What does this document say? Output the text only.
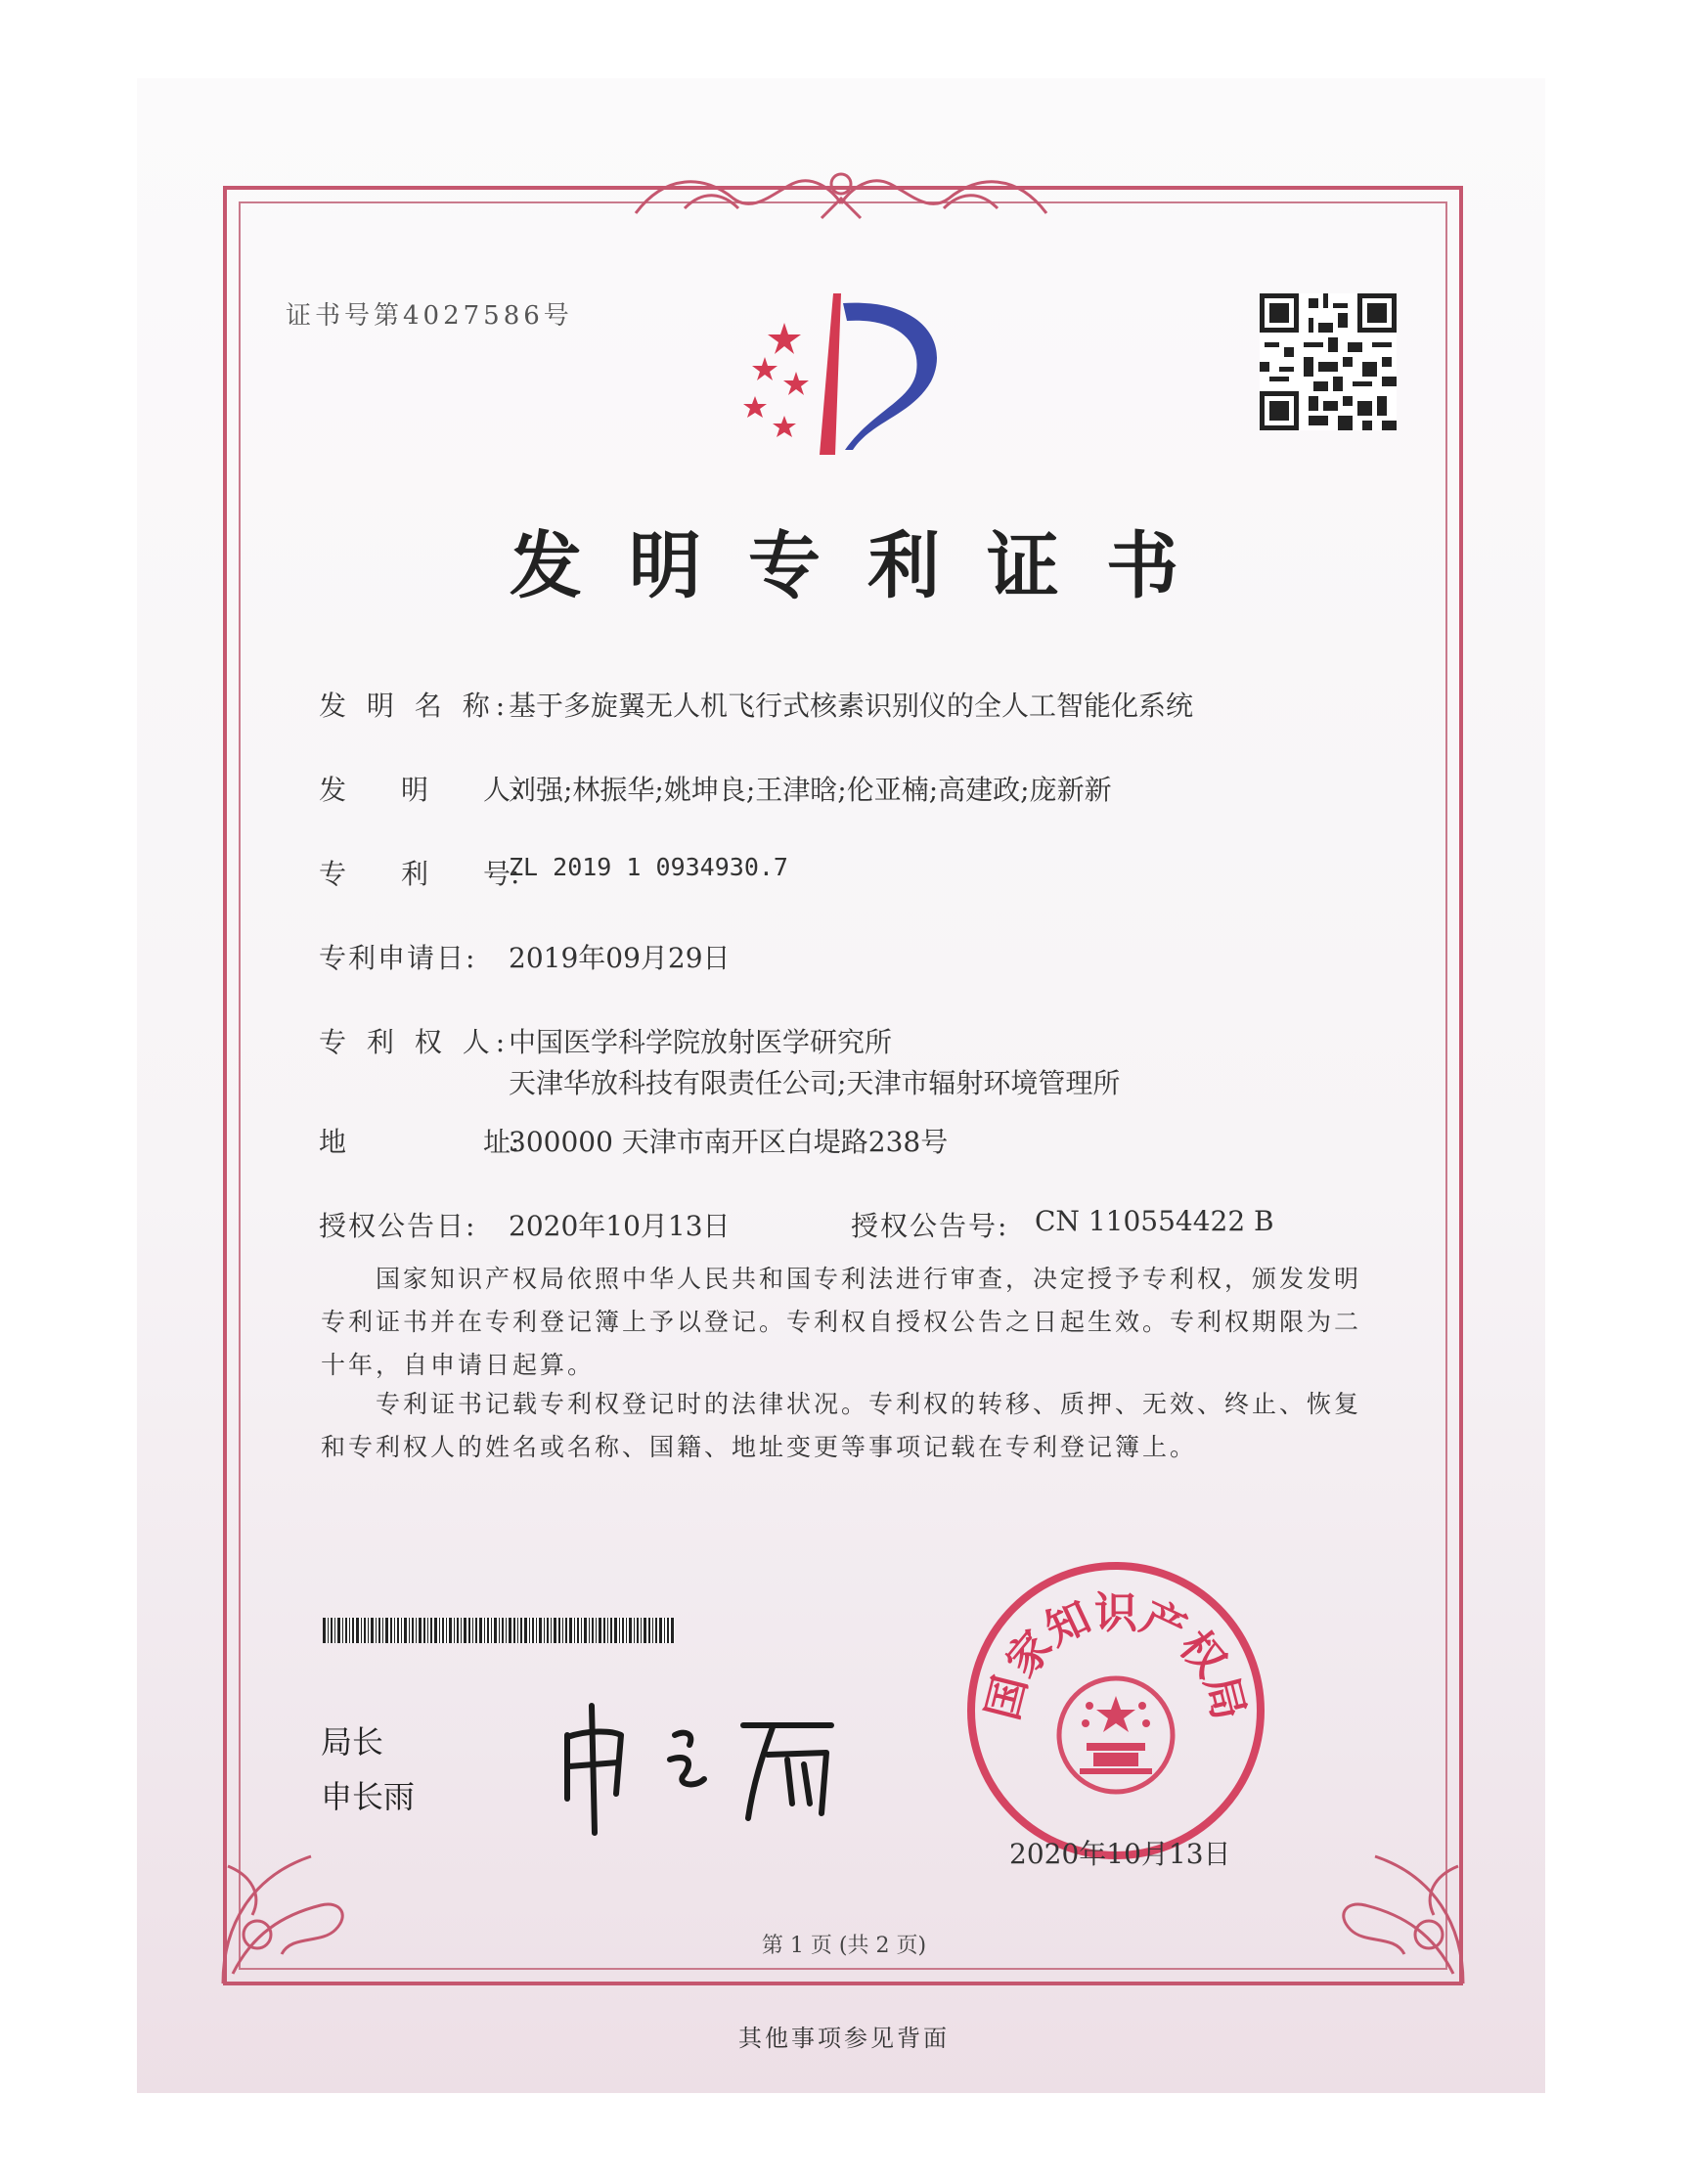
证书号第4027586号
发明专利证书
发 明 名 称:
基于多旋翼无人机飞行式核素识别仪的全人工智能化系统
发　　明　　人:
刘强;林振华;姚坤良;王津晗;伦亚楠;高建政;庞新新
专　　利　　号:
ZL 2019 1 0934930.7
专利申请日: 2019年09月29日
专 利 权 人:
中国医学科学院放射医学研究所
天津华放科技有限责任公司;天津市辐射环境管理所
地　　　　　址:
300000 天津市南开区白堤路238号
授权公告日: 2020年10月13日	授权公告号: CN 110554422 B
国家知识产权局依照中华人民共和国专利法进行审查，决定授予专利权，颁发发明专利证书并在专利登记簿上予以登记。专利权自授权公告之日起生效。专利权期限为二十年，自申请日起算。
专利证书记载专利权登记时的法律状况。专利权的转移、质押、无效、终止、恢复和专利权人的姓名或名称、国籍、地址变更等事项记载在专利登记簿上。
局长
申长雨
国家知识产权局
2020年10月13日
第 1 页 (共 2 页)
其他事项参见背面
